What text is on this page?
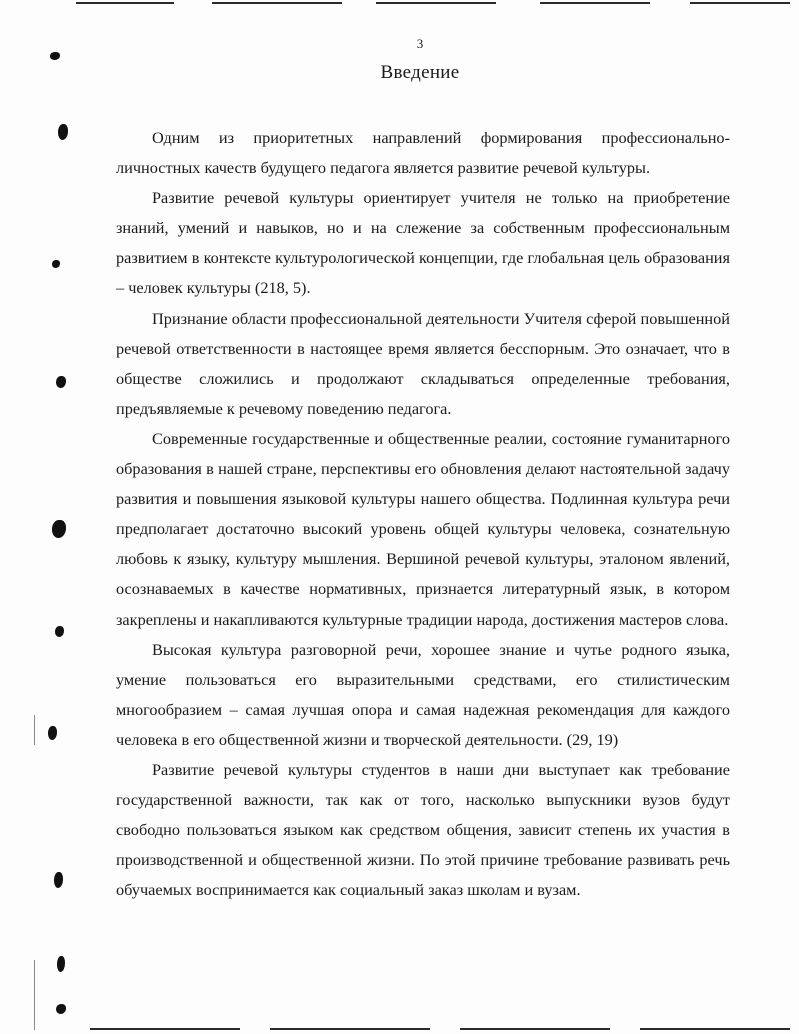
3
Введение

Одним из приоритетных направлений формирования профессионально-личностных качеств будущего педагога является развитие речевой культуры.

Развитие речевой культуры ориентирует учителя не только на приобретение знаний, умений и навыков, но и на слежение за собственным профессиональным развитием в контексте культурологической концепции, где глобальная цель образования – человек культуры (218, 5).

Признание области профессиональной деятельности Учителя сферой повышенной речевой ответственности в настоящее время является бесспорным. Это означает, что в обществе сложились и продолжают складываться определенные требования, предъявляемые к речевому поведению педагога.

Современные государственные и общественные реалии, состояние гуманитарного образования в нашей стране, перспективы его обновления делают настоятельной задачу развития и повышения языковой культуры нашего общества. Подлинная культура речи предполагает достаточно высокий уровень общей культуры человека, сознательную любовь к языку, культуру мышления. Вершиной речевой культуры, эталоном явлений, осознаваемых в качестве нормативных, признается литературный язык, в котором закреплены и накапливаются культурные традиции народа, достижения мастеров слова.

Высокая культура разговорной речи, хорошее знание и чутье родного языка, умение пользоваться его выразительными средствами, его стилистическим многообразием – самая лучшая опора и самая надежная рекомендация для каждого человека в его общественной жизни и творческой деятельности. (29, 19)

Развитие речевой культуры студентов в наши дни выступает как требование государственной важности, так как от того, насколько выпускники вузов будут свободно пользоваться языком как средством общения, зависит степень их участия в производственной и общественной жизни. По этой причине требование развивать речь обучаемых воспринимается как социальный заказ школам и вузам.
